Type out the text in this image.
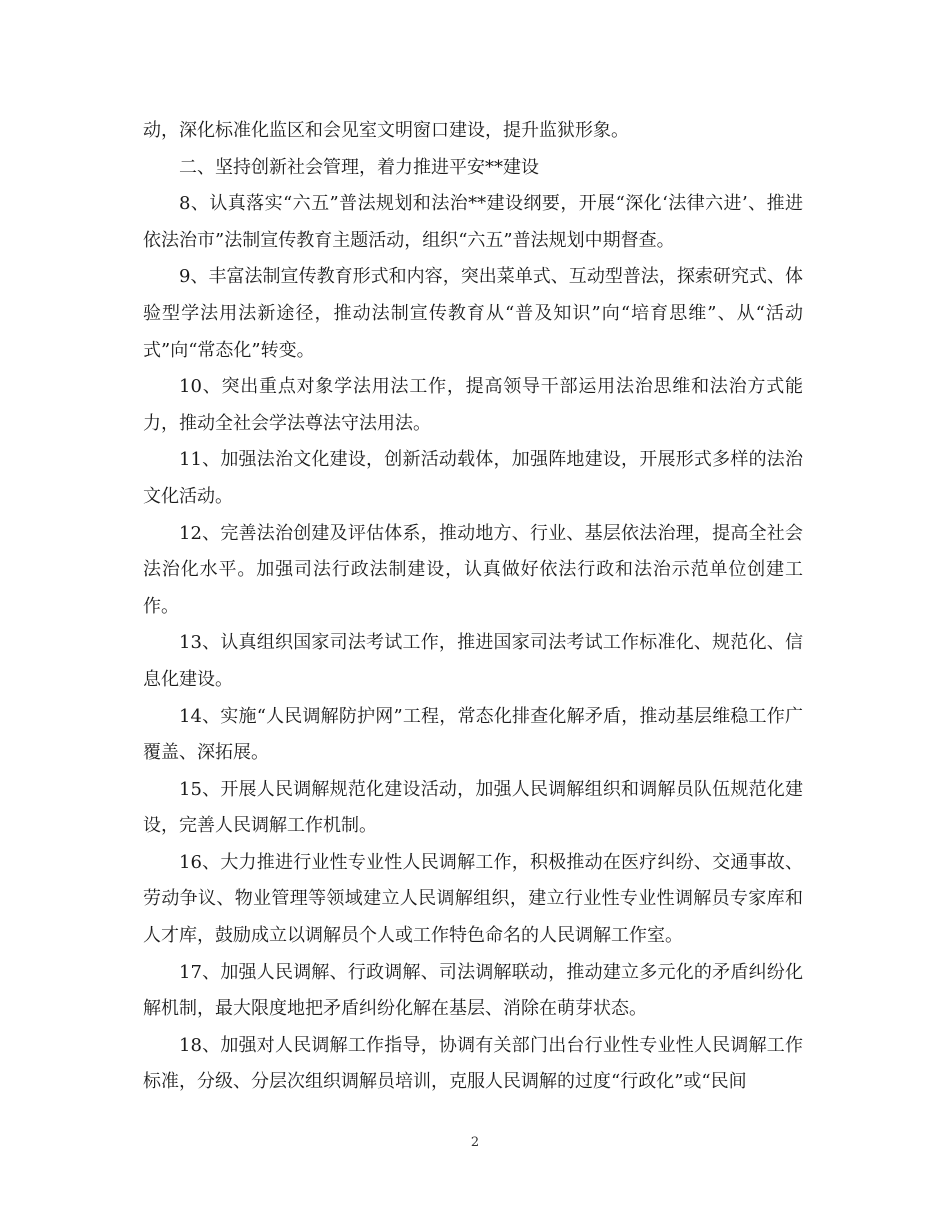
动，深化标准化监区和会见室文明窗口建设，提升监狱形象。

二、坚持创新社会管理，着力推进平安**建设

8、认真落实“六五”普法规划和法治**建设纲要，开展“深化‘法律六进’、推进依法治市”法制宣传教育主题活动，组织“六五”普法规划中期督查。

9、丰富法制宣传教育形式和内容，突出菜单式、互动型普法，探索研究式、体验型学法用法新途径，推动法制宣传教育从“普及知识”向“培育思维”、从“活动式”向“常态化”转变。

10、突出重点对象学法用法工作，提高领导干部运用法治思维和法治方式能力，推动全社会学法尊法守法用法。

11、加强法治文化建设，创新活动载体，加强阵地建设，开展形式多样的法治文化活动。

12、完善法治创建及评估体系，推动地方、行业、基层依法治理，提高全社会法治化水平。加强司法行政法制建设，认真做好依法行政和法治示范单位创建工作。

13、认真组织国家司法考试工作，推进国家司法考试工作标准化、规范化、信息化建设。

14、实施“人民调解防护网”工程，常态化排查化解矛盾，推动基层维稳工作广覆盖、深拓展。

15、开展人民调解规范化建设活动，加强人民调解组织和调解员队伍规范化建设，完善人民调解工作机制。

16、大力推进行业性专业性人民调解工作，积极推动在医疗纠纷、交通事故、劳动争议、物业管理等领域建立人民调解组织，建立行业性专业性调解员专家库和人才库，鼓励成立以调解员个人或工作特色命名的人民调解工作室。

17、加强人民调解、行政调解、司法调解联动，推动建立多元化的矛盾纠纷化解机制，最大限度地把矛盾纠纷化解在基层、消除在萌芽状态。

18、加强对人民调解工作指导，协调有关部门出台行业性专业性人民调解工作标准，分级、分层次组织调解员培训，克服人民调解的过度“行政化”或“民间

2
